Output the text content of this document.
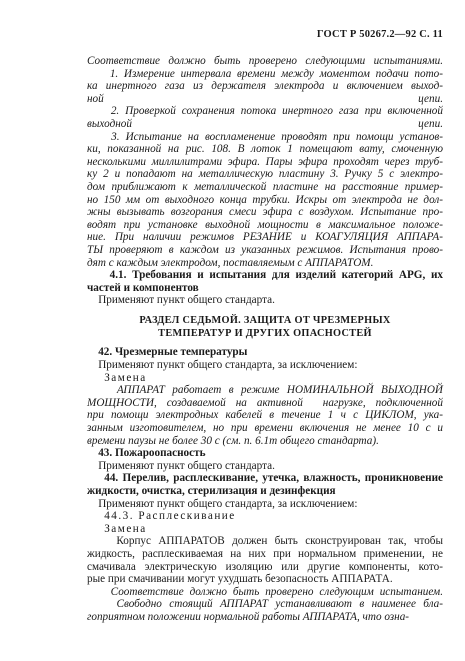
ГОСТ Р 50267.2—92 С. 11
Соответствие должно быть проверено следующими испытаниями.
1. Измерение интервала времени между моментом подачи пото-
ка инертного газа из держателя электрода и включением выход-
ной цепи.
2. Проверкой сохранения потока инертного газа при включенной
выходной цепи.
3. Испытание на воспламенение проводят при помощи установ-
ки, показанной на рис. 108. В лоток 1 помещают вату, смоченную
несколькими миллилитрами эфира. Пары эфира проходят через труб-
ку 2 и попадают на металлическую пластину 3. Ручку 5 с электро-
дом приближают к металлической пластине на расстояние пример-
но 150 мм от выходного конца трубки. Искры от электрода не дол-
жны вызывать возгорания смеси эфира с воздухом. Испытание про-
водят при установке выходной мощности в максимальное положе-
ние. При наличии режимов РЕЗАНИЕ и КОАГУЛЯЦИЯ АППАРА-
ТЫ проверяют в каждом из указанных режимов. Испытания прово-
дят с каждым электродом, поставляемым с АППАРАТОМ.
4.1. Требования и испытания для изделий категорий APG, их
частей и компонентов
Применяют пункт общего стандарта.
РАЗДЕЛ СЕДЬМОЙ. ЗАЩИТА ОТ ЧРЕЗМЕРНЫХ
ТЕМПЕРАТУР И ДРУГИХ ОПАСНОСТЕЙ
42. Чрезмерные температуры
Применяют пункт общего стандарта, за исключением:
Замена
АППАРАТ работает в режиме НОМИНАЛЬНОЙ ВЫХОДНОЙ
МОЩНОСТИ, создаваемой на активной  нагрузке, подключенной
при помощи электродных кабелей в течение 1 ч с ЦИКЛОМ, ука-
занным изготовителем, но при времени включения не менее 10 с и
времени паузы не более 30 с (см. п. 6.1т общего стандарта).
43. Пожароопасность
Применяют пункт общего стандарта.
44. Перелив, расплескивание, утечка, влажность, проникновение
жидкости, очистка, стерилизация и дезинфекция
Применяют пункт общего стандарта, за исключением:
44.3. Расплескивание
Замена
Корпус АППАРАТОВ должен быть сконструирован так, чтобы
жидкость, расплескиваемая на них при нормальном применении, не
смачивала электрическую изоляцию или другие компоненты, кото-
рые при смачивании могут ухудшать безопасность АППАРАТА.
Соответствие должно быть проверено следующим испытанием.
Свободно стоящий АППАРАТ устанавливают в наименее бла-
гоприятном положении нормальной работы АППАРАТА, что озна-
